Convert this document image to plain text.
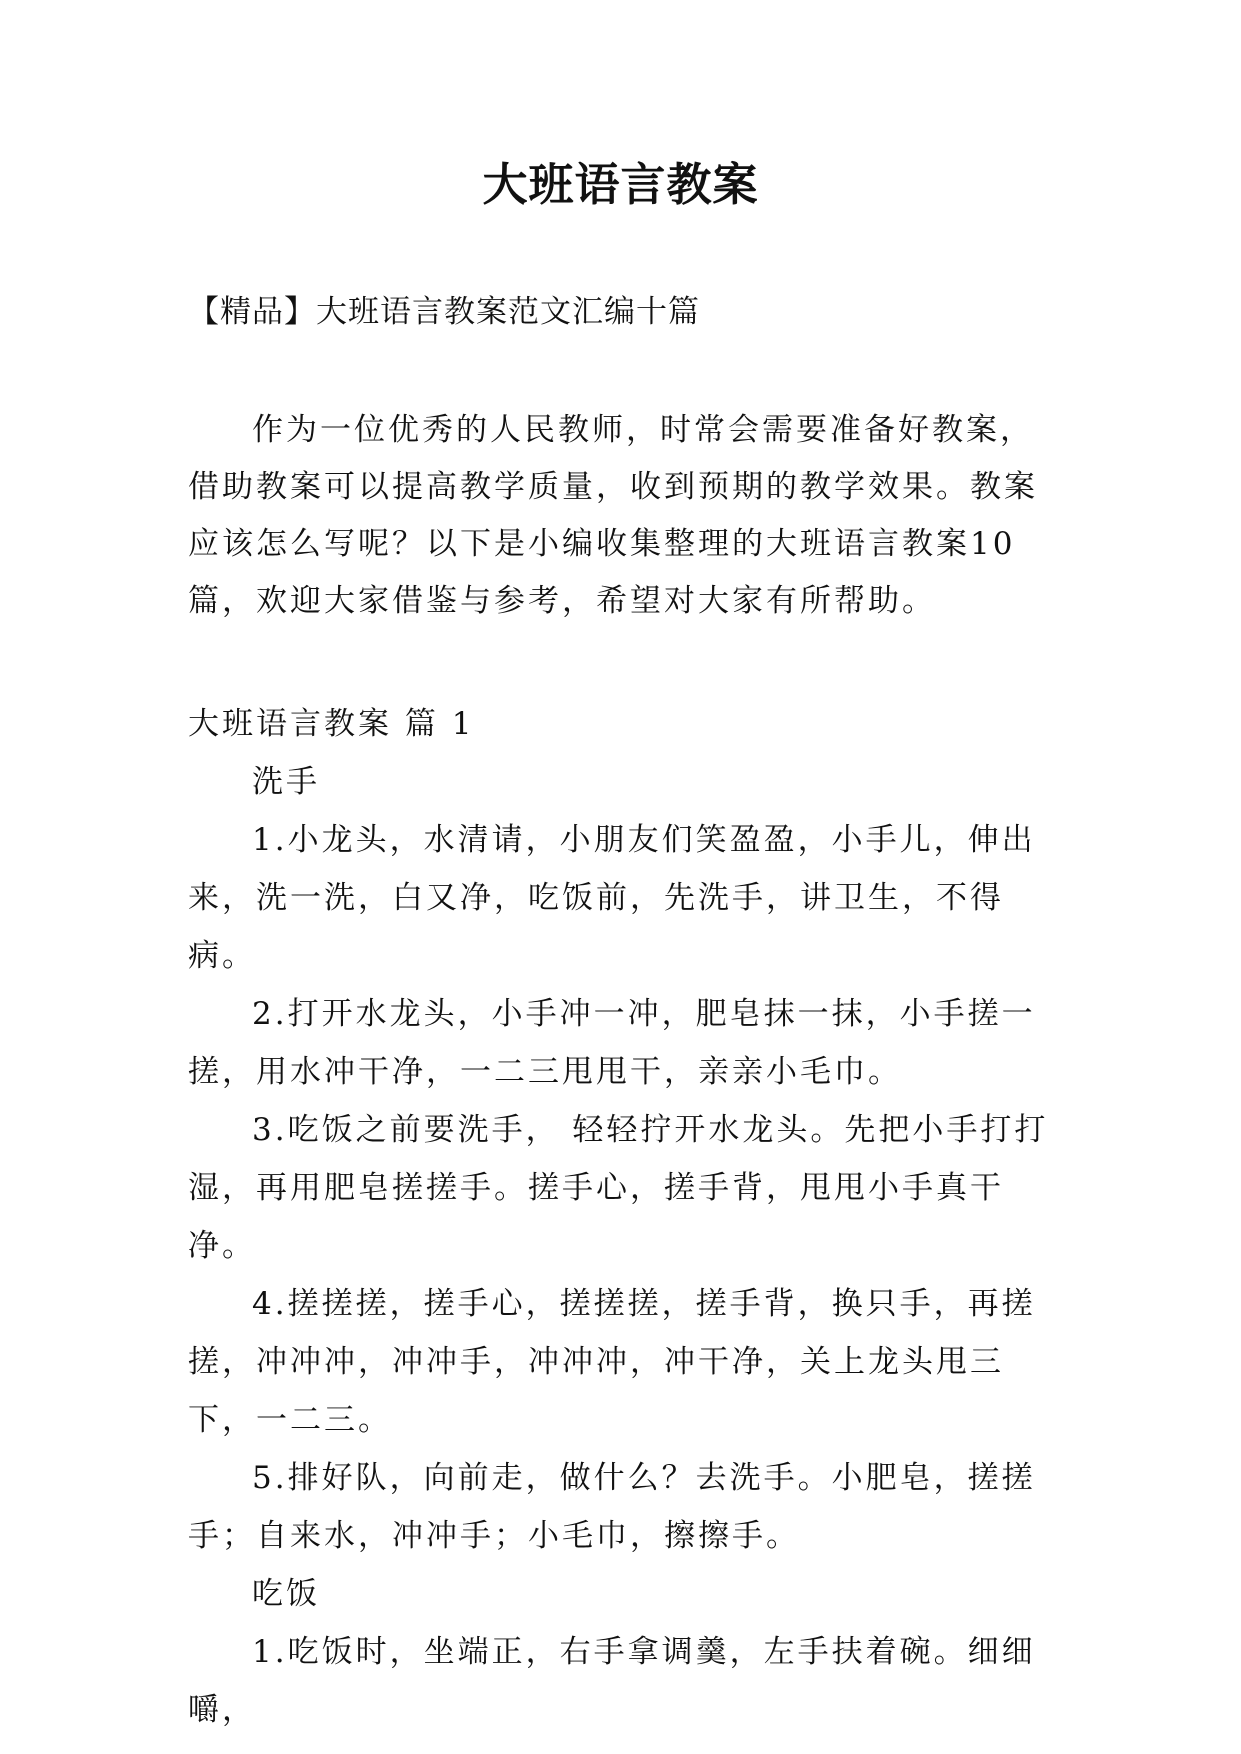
大班语言教案
【精品】大班语言教案范文汇编十篇

作为一位优秀的人民教师，时常会需要准备好教案，借助教案可以提高教学质量，收到预期的教学效果。教案应该怎么写呢？以下是小编收集整理的大班语言教案10篇，欢迎大家借鉴与参考，希望对大家有所帮助。

大班语言教案 篇 1

洗手

1.小龙头，水清请，小朋友们笑盈盈，小手儿，伸出来，洗一洗，白又净，吃饭前，先洗手，讲卫生，不得病。

2.打开水龙头，小手冲一冲，肥皂抹一抹，小手搓一搓，用水冲干净，一二三甩甩干，亲亲小毛巾。

3.吃饭之前要洗手， 轻轻拧开水龙头。先把小手打打湿，再用肥皂搓搓手。搓手心，搓手背，甩甩小手真干净。

4.搓搓搓，搓手心，搓搓搓，搓手背，换只手，再搓搓，冲冲冲，冲冲手，冲冲冲，冲干净，关上龙头甩三下，一二三。

5.排好队，向前走，做什么？去洗手。小肥皂，搓搓手；自来水，冲冲手；小毛巾，擦擦手。

吃饭

1.吃饭时，坐端正，右手拿调羹，左手扶着碗。细细嚼，
